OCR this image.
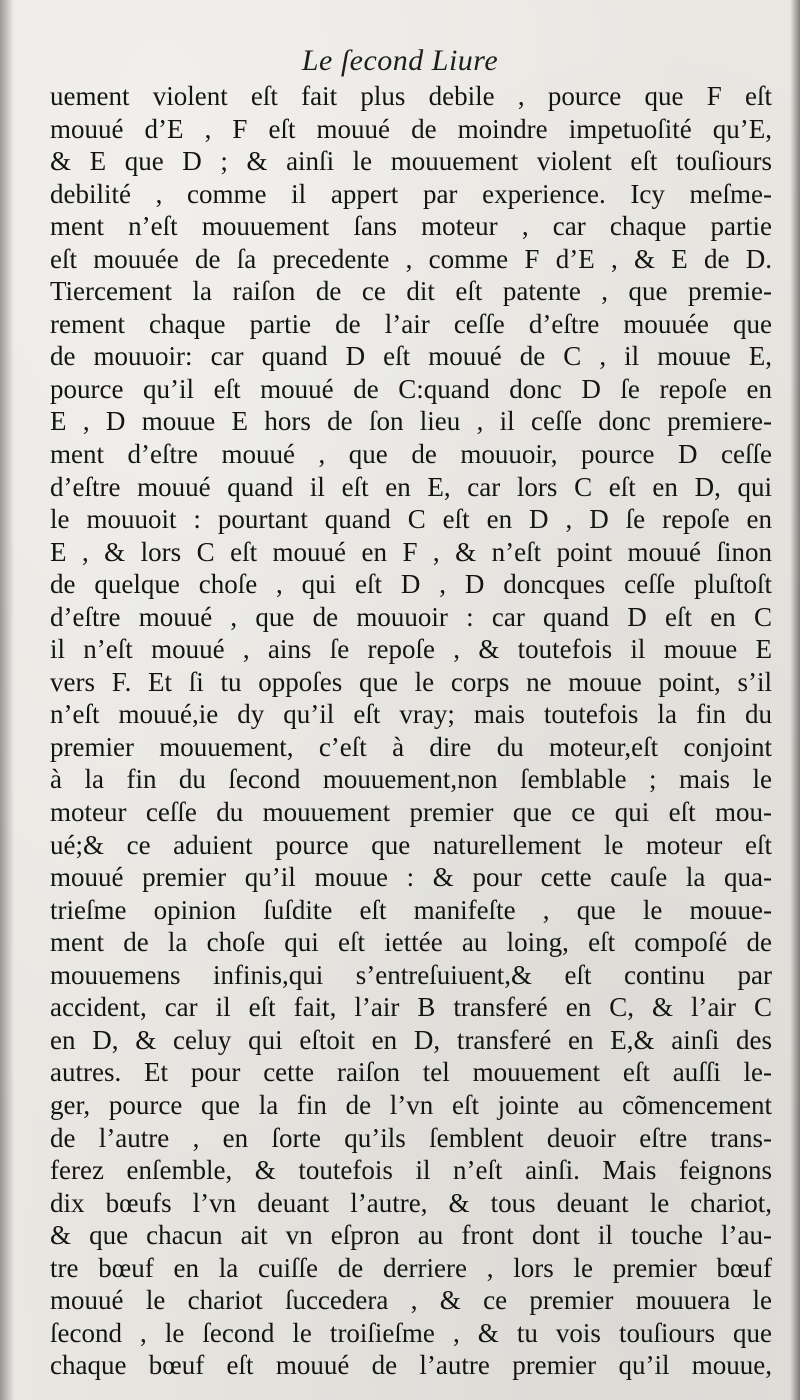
Le ſecond Liure
uement violent eſt fait plus debile , pource que F eſt
mouué d’E , F eſt mouué de moindre impetuoſité qu’E,
& E que D ; & ainſi le mouuement violent eſt touſiours
debilité , comme il appert par experience. Icy meſme-
ment n’eſt mouuement ſans moteur , car chaque partie
eſt mouuée de ſa precedente , comme F d’E , & E de D.
Tiercement la raiſon de ce dit eſt patente , que premie-
rement chaque partie de l’air ceſſe d’eſtre mouuée que
de mouuoir: car quand D eſt mouué de C , il mouue E,
pource qu’il eſt mouué de C:quand donc D ſe repoſe en
E , D mouue E hors de ſon lieu , il ceſſe donc premiere-
ment d’eſtre mouué , que de mouuoir, pource D ceſſe
d’eſtre mouué quand il eſt en E, car lors C eſt en D, qui
le mouuoit : pourtant quand C eſt en D , D ſe repoſe en
E , & lors C eſt mouué en F , & n’eſt point mouué ſinon
de quelque choſe , qui eſt D , D doncques ceſſe pluſtoſt
d’eſtre mouué , que de mouuoir : car quand D eſt en C
il n’eſt mouué , ains ſe repoſe , & toutefois il mouue E
vers F. Et ſi tu oppoſes que le corps ne mouue point, s’il
n’eſt mouué,ie dy qu’il eſt vray; mais toutefois la fin du
premier mouuement, c’eſt à dire du moteur,eſt conjoint
à la fin du ſecond mouuement,non ſemblable ; mais le
moteur ceſſe du mouuement premier que ce qui eſt mou-
ué;& ce aduient pource que naturellement le moteur eſt
mouué premier qu’il mouue : & pour cette cauſe la qua-
trieſme opinion ſuſdite eſt manifeſte , que le mouue-
ment de la choſe qui eſt iettée au loing, eſt compoſé de
mouuemens infinis,qui s’entreſuiuent,& eſt continu par
accident, car il eſt fait, l’air B transferé en C, & l’air C
en D, & celuy qui eſtoit en D, transferé en E,& ainſi des
autres. Et pour cette raiſon tel mouuement eſt auſſi le-
ger, pource que la fin de l’vn eſt jointe au cõmencement
de l’autre , en ſorte qu’ils ſemblent deuoir eſtre trans-
ferez enſemble, & toutefois il n’eſt ainſi. Mais feignons
dix bœufs l’vn deuant l’autre, & tous deuant le chariot,
& que chacun ait vn eſpron au front dont il touche l’au-
tre bœuf en la cuiſſe de derriere , lors le premier bœuf
mouué le chariot ſuccedera , & ce premier mouuera le
ſecond , le ſecond le troiſieſme , & tu vois touſiours que
chaque bœuf eſt mouué de l’autre premier qu’il mouue,
